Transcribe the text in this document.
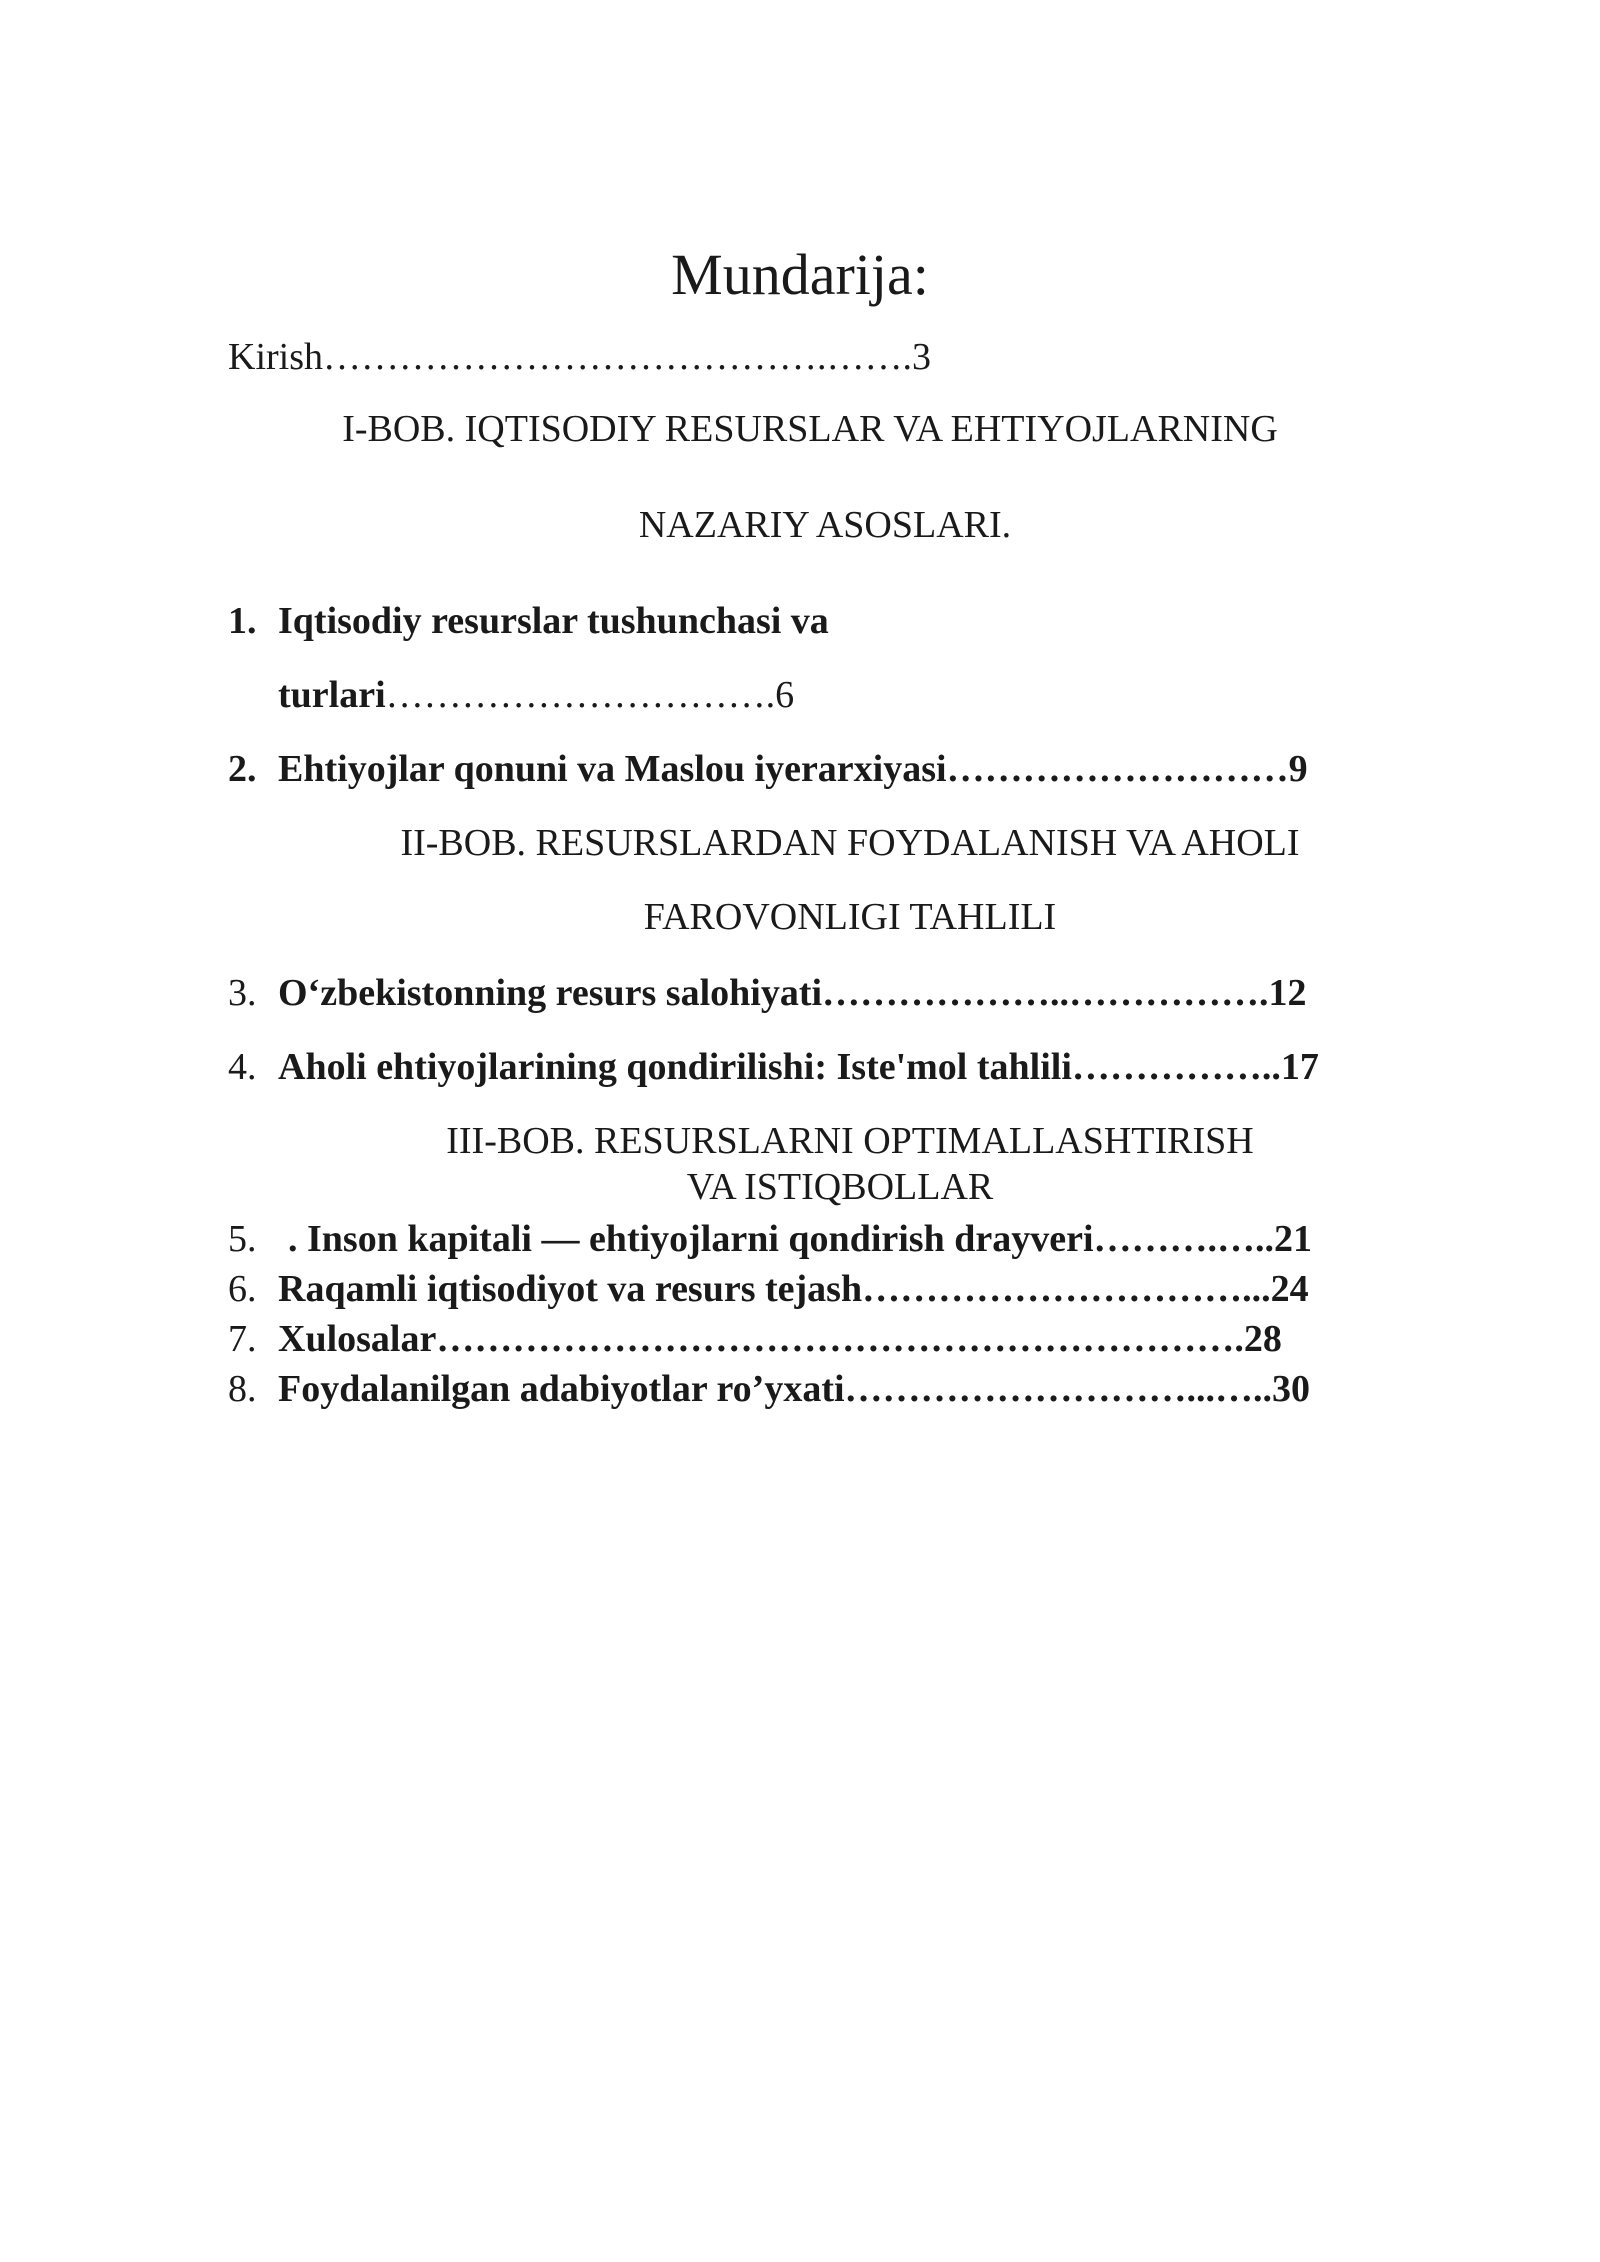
Mundarija:
Kirish………………………………….…….3
I-BOB. IQTISODIY RESURSLAR VA EHTIYOJLARNING
NAZARIY ASOSLARI.
1. Iqtisodiy resurslar tushunchasi va
turlari………………………….6
2. Ehtiyojlar qonuni va Maslou iyerarxiyasi………………………9
II-BOB. RESURSLARDAN FOYDALANISH VA AHOLI
FAROVONLIGI TAHLILI
3. O‘zbekistonning resurs salohiyati………………..…………….12
4. Aholi ehtiyojlarining qondirilishi: Iste'mol tahlili……………..17
III-BOB. RESURSLARNI OPTIMALLASHTIRISH
VA ISTIQBOLLAR
5. . Inson kapitali — ehtiyojlarni qondirish drayveri……….…..21
6. Raqamli iqtisodiyot va resurs tejash…………………………...24
7. Xulosalar……………………………………………………….28
8. Foydalanilgan adabiyotlar ro’yxati………………………...…..30
